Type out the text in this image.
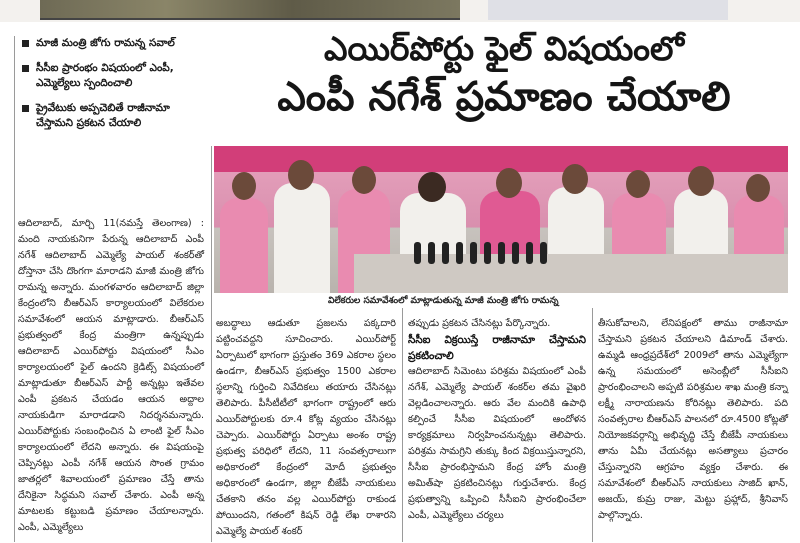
మాజీ మంత్రి జోగు రామన్న సవాల్
సీసీఐ ప్రారంభం విషయంలో ఎంపీ, ఎమ్మెల్యేలు స్పందించాలి
ప్రైవేటుకు అప్పచెబితే రాజీనామా చేస్తామని ప్రకటన చేయాలి
ఎయిర్‌పోర్టు ఫైల్ విషయంలో
ఎంపీ నగేశ్ ప్రమాణం చేయాలి
విలేకరుల సమావేశంలో మాట్లాడుతున్న మాజీ మంత్రి జోగు రామన్న
ఆదిలాబాద్, మార్చి 11(నమస్తే తెలంగాణ) : మంది నాయకునిగా పేరున్న ఆదిలాబాద్ ఎంపీ నగేశ్ ఆదిలాబాద్ ఎమ్మెల్యే పాయల్ శంకర్‌తో దోస్తానా చేసి దొంగగా మారాడని మాజీ మంత్రి జోగు రామన్న అన్నారు. మంగళవారం ఆదిలాబాద్ జిల్లా కేంద్రంలోని బీఆర్‌ఎస్ కార్యాలయంలో విలేకరుల సమావేశంలో ఆయన మాట్లాడారు. బీఆర్‌ఎస్ ప్రభుత్వంలో కేంద్ర మంత్రిగా ఉన్నప్పుడు ఆదిలాబాద్ ఎయిర్‌పోర్టు విషయంలో సీఎం కార్యాలయంలో ఫైల్ ఉందని క్రెడిట్స్ విషయంలో మాట్లాడుతూ బీఆర్‌ఎస్ పార్టీ అన్నట్లు ఇతేవల ఎంపీ ప్రకటన చేయడం ఆయన అద్దాల నాయకుడిగా మారాడడాని నిదర్శనమన్నారు. ఎయిర్‌పోర్టుకు సంబంధించిన ఏ లాంటి ఫైల్ సీఎం కార్యాలయంలో లేదని అన్నారు. ఈ విషయంపై చెప్పినట్లు ఎంపీ నగేశ్ ఆయన సొంత గ్రామం జాతర్లలో శివాలయంలో ప్రమాణం చేస్తే తాను దేనికైనా సిద్ధమని సవాల్ చేశారు. ఎంపీ అన్న మాటలకు కట్టుబడి ప్రమాణం చేయాలన్నారు. ఎంపీ, ఎమ్మెల్యేలు
అబద్ధాలు ఆడుతూ ప్రజలను పక్కదారి పట్టించవద్దని సూచించారు. ఎయిర్‌పోర్ట్ ఏర్పాటులో భాగంగా ప్రస్తుతం 369 ఎకరాల స్థలం ఉండగా, బీఆర్‌ఎస్ ప్రభుత్వం 1500 ఎకరాల స్థలాన్ని గుర్తించి నివేదికలు తయారు చేసినట్లు తెలిపారు. పీసీటీటీలో భాగంగా రాష్ట్రంలో ఆరు ఎయిర్‌పోర్టులకు రూ.4 కోట్ల వ్యయం చేసినట్లు చెప్పారు. ఎయిర్‌పోర్టు ఏర్పాటు అంశం రాష్ట్ర ప్రభుత్వ పరిధిలో లేదని, 11 సంవత్సరాలుగా అధికారంలో కేంద్రంలో మోదీ ప్రభుత్వం అధికారంలో ఉండగా, జిల్లా బీజేపీ నాయకులు చేతకాని తనం వల్ల ఎయిర్‌పోర్టు రాకుండ పోయిందని, గతంలో కిషన్ రెడ్డి లేఖ రాశారని ఎమ్మెల్యే పాయల్ శంకర్
తప్పుడు ప్రకటన చేసినట్లు పేర్కొన్నారు.
సీసీఐ విక్రయిస్తే రాజీనామా చేస్తామని ప్రకటించాలి
ఆదిలాబాద్ సిమెంటు పరిశ్రమ విషయంలో ఎంపీ నగేశ్, ఎమ్మెల్యే పాయల్ శంకర్‌ల తమ వైఖరి వెల్లడించాలన్నారు. ఆరు వేల మందికి ఉపాధి కల్పించే సీసీఐ విషయంలో ఆందోళన కార్యక్రమాలు నిర్వహించనున్నట్లు తెలిపారు. పరిశ్రమ సామగ్రిని తుక్కు కింద విక్రయిస్తున్నారని, సీసీఐ ప్రారంభిస్తామని కేంద్ర హోం మంత్రి అమిత్‌షా ప్రకటించినట్లు గుర్తుచేశారు. కేంద్ర ప్రభుత్వాన్ని ఒప్పించి సీసీఐని ప్రారంభించేలా ఎంపీ, ఎమ్మెల్యేలు చర్యలు
తీసుకోవాలని, లేనిపక్షంలో తాము రాజీనామా చేస్తామని ప్రకటన చేయాలని డిమాండ్ చేశారు. ఉమ్మడి ఆంధ్రప్రదేశ్‌లో 2009లో తాను ఎమ్మెల్యేగా ఉన్న సమయంలో అసెంబ్లీలో సీసీఐని ప్రారంభించాలని అప్పటి పరిశ్రమల శాఖ మంత్రి కన్నా లక్ష్మీ నారాయణను కోరినట్లు తెలిపారు. పది సంవత్సరాల బీఆర్‌ఎస్ పాలనలో రూ.4500 కోట్లతో నియోజకవర్గాన్ని అభివృద్ధి చేస్తే బీజేపీ నాయకులు తాను ఏమీ చేయనట్లు అసత్యాలు ప్రచారం చేస్తున్నారని ఆగ్రహం వ్యక్తం చేశారు. ఈ సమావేశంలో బీఆర్‌ఎస్ నాయకులు సాజిద్ ఖాన్, అజయ్, కుమ్ర రాజు, మెట్టు ప్రహ్లాద్, శ్రీనివాస్ పాల్గొన్నారు.
